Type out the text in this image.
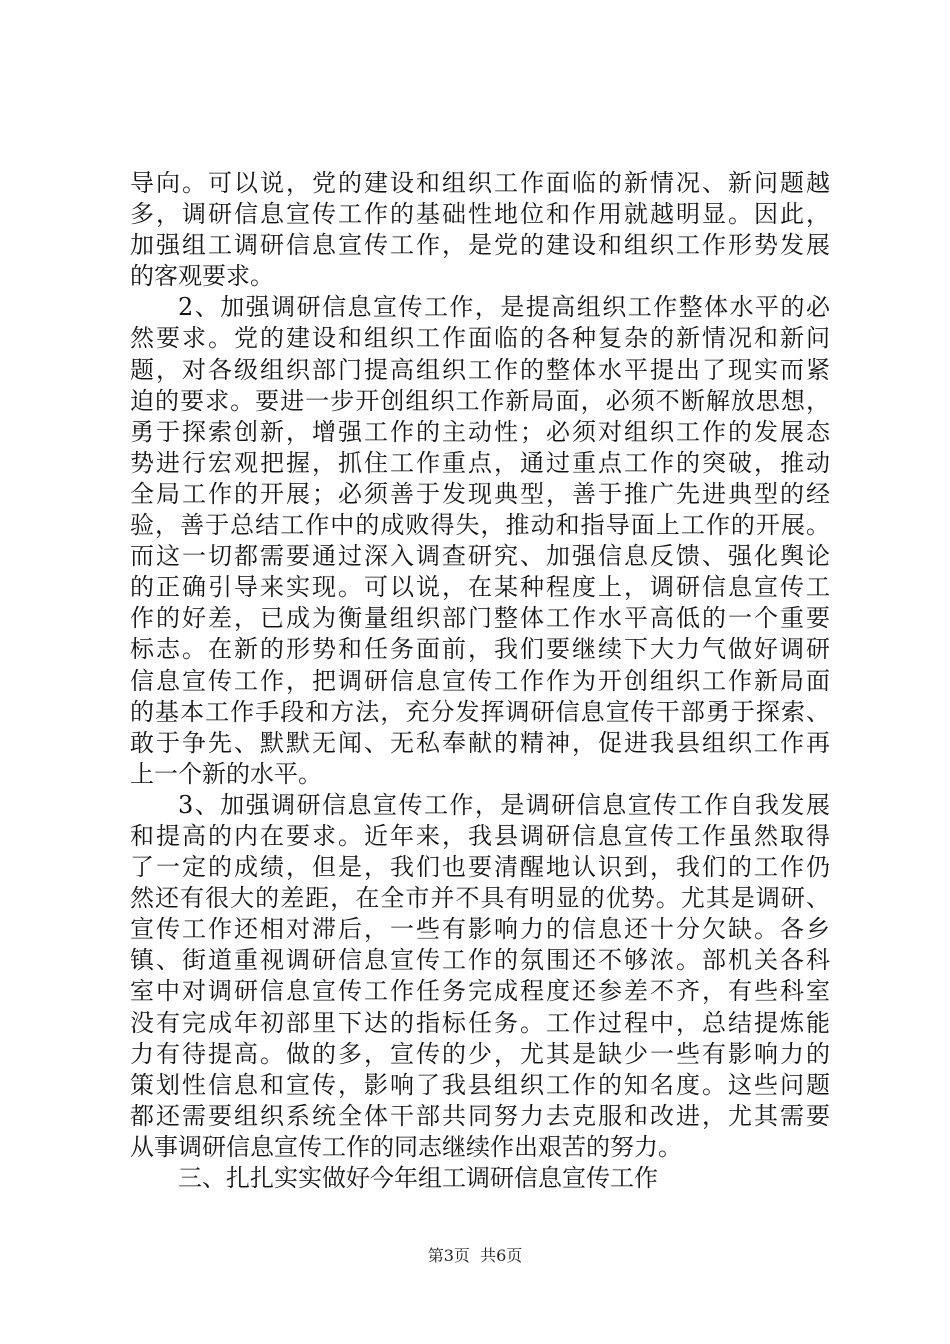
导向。可以说，党的建设和组织工作面临的新情况、新问题越
多，调研信息宣传工作的基础性地位和作用就越明显。因此，
加强组工调研信息宣传工作，是党的建设和组织工作形势发展
的客观要求。
2、加强调研信息宣传工作，是提高组织工作整体水平的必
然要求。党的建设和组织工作面临的各种复杂的新情况和新问
题，对各级组织部门提高组织工作的整体水平提出了现实而紧
迫的要求。要进一步开创组织工作新局面，必须不断解放思想，
勇于探索创新，增强工作的主动性；必须对组织工作的发展态
势进行宏观把握，抓住工作重点，通过重点工作的突破，推动
全局工作的开展；必须善于发现典型，善于推广先进典型的经
验，善于总结工作中的成败得失，推动和指导面上工作的开展。
而这一切都需要通过深入调查研究、加强信息反馈、强化舆论
的正确引导来实现。可以说，在某种程度上，调研信息宣传工
作的好差，已成为衡量组织部门整体工作水平高低的一个重要
标志。在新的形势和任务面前，我们要继续下大力气做好调研
信息宣传工作，把调研信息宣传工作作为开创组织工作新局面
的基本工作手段和方法，充分发挥调研信息宣传干部勇于探索、
敢于争先、默默无闻、无私奉献的精神，促进我县组织工作再
上一个新的水平。
3、加强调研信息宣传工作，是调研信息宣传工作自我发展
和提高的内在要求。近年来，我县调研信息宣传工作虽然取得
了一定的成绩，但是，我们也要清醒地认识到，我们的工作仍
然还有很大的差距，在全市并不具有明显的优势。尤其是调研、
宣传工作还相对滞后，一些有影响力的信息还十分欠缺。各乡
镇、街道重视调研信息宣传工作的氛围还不够浓。部机关各科
室中对调研信息宣传工作任务完成程度还参差不齐，有些科室
没有完成年初部里下达的指标任务。工作过程中，总结提炼能
力有待提高。做的多，宣传的少，尤其是缺少一些有影响力的
策划性信息和宣传，影响了我县组织工作的知名度。这些问题
都还需要组织系统全体干部共同努力去克服和改进，尤其需要
从事调研信息宣传工作的同志继续作出艰苦的努力。
三、扎扎实实做好今年组工调研信息宣传工作
第3页 共6页
